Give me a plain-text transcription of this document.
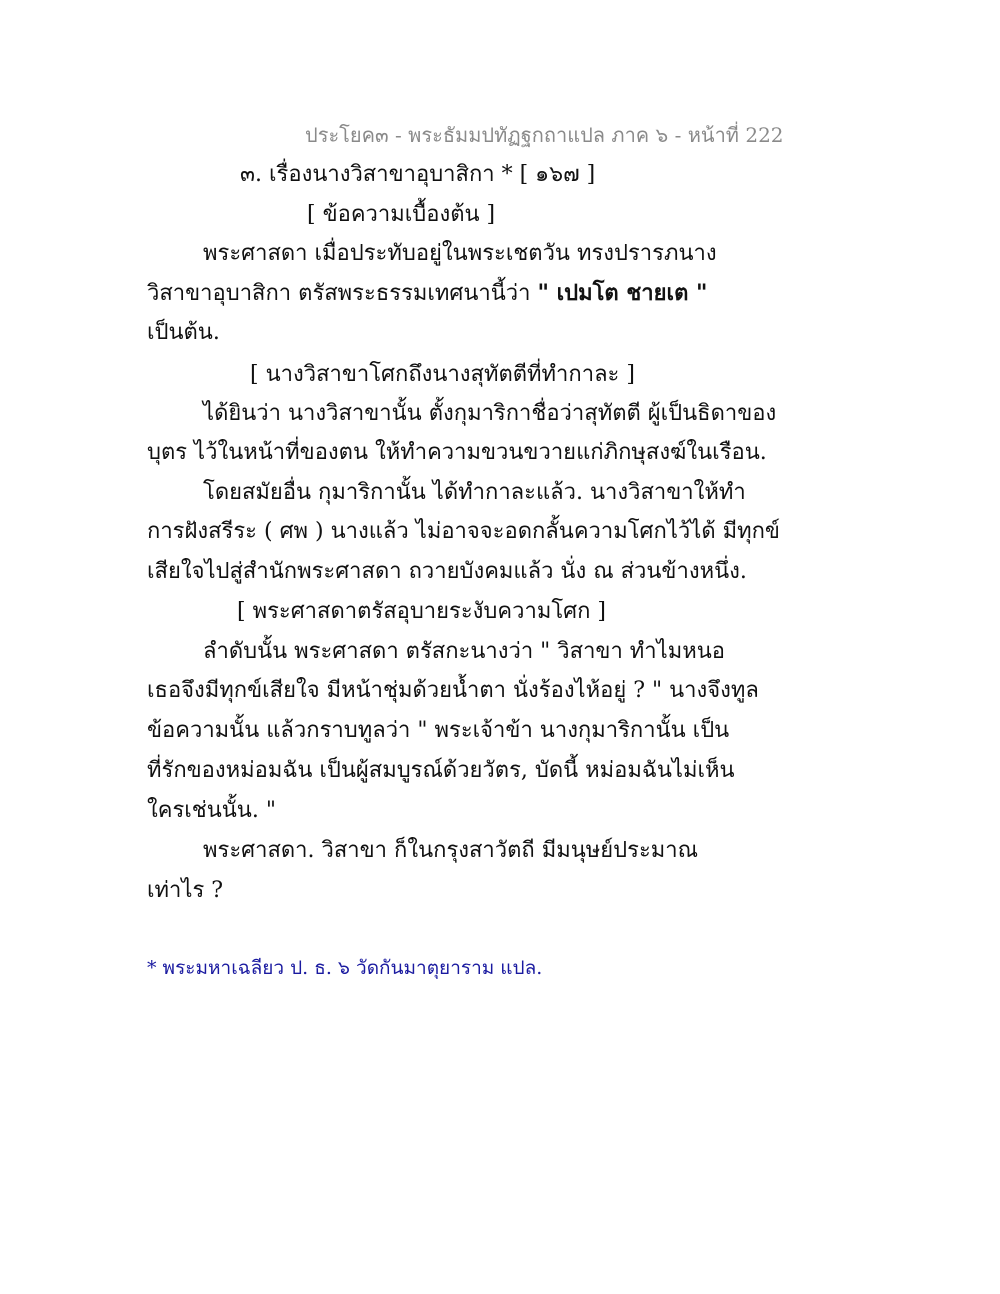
ประโยค๓ - พระธัมมปทัฏฐกถาแปล ภาค ๖ - หน้าที่ 222
๓. เรื่องนางวิสาขาอุบาสิกา * [ ๑๖๗ ]
[ ข้อความเบื้องต้น ]
พระศาสดา เมื่อประทับอยู่ในพระเชตวัน ทรงปรารภนาง
วิสาขาอุบาสิกา ตรัสพระธรรมเทศนานี้ว่า " เปมโต ชายเต "
เป็นต้น.
[ นางวิสาขาโศกถึงนางสุทัตตีที่ทำกาละ ]
ได้ยินว่า นางวิสาขานั้น ตั้งกุมาริกาชื่อว่าสุทัตตี ผู้เป็นธิดาของ
บุตร ไว้ในหน้าที่ของตน ให้ทำความขวนขวายแก่ภิกษุสงฆ์ในเรือน.
โดยสมัยอื่น กุมาริกานั้น ได้ทำกาละแล้ว. นางวิสาขาให้ทำ
การฝังสรีระ ( ศพ ) นางแล้ว ไม่อาจจะอดกลั้นความโศกไว้ได้ มีทุกข์
เสียใจไปสู่สำนักพระศาสดา ถวายบังคมแล้ว นั่ง ณ ส่วนข้างหนึ่ง.
[ พระศาสดาตรัสอุบายระงับความโศก ]
ลำดับนั้น พระศาสดา ตรัสกะนางว่า " วิสาขา ทำไมหนอ
เธอจึงมีทุกข์เสียใจ มีหน้าชุ่มด้วยน้ำตา นั่งร้องไห้อยู่ ? " นางจึงทูล
ข้อความนั้น แล้วกราบทูลว่า " พระเจ้าข้า นางกุมาริกานั้น เป็น
ที่รักของหม่อมฉัน เป็นผู้สมบูรณ์ด้วยวัตร, บัดนี้ หม่อมฉันไม่เห็น
ใครเช่นนั้น. "
พระศาสดา. วิสาขา ก็ในกรุงสาวัตถี มีมนุษย์ประมาณ
เท่าไร ?
* พระมหาเฉลียว ป. ธ. ๖ วัดกันมาตุยาราม แปล.
